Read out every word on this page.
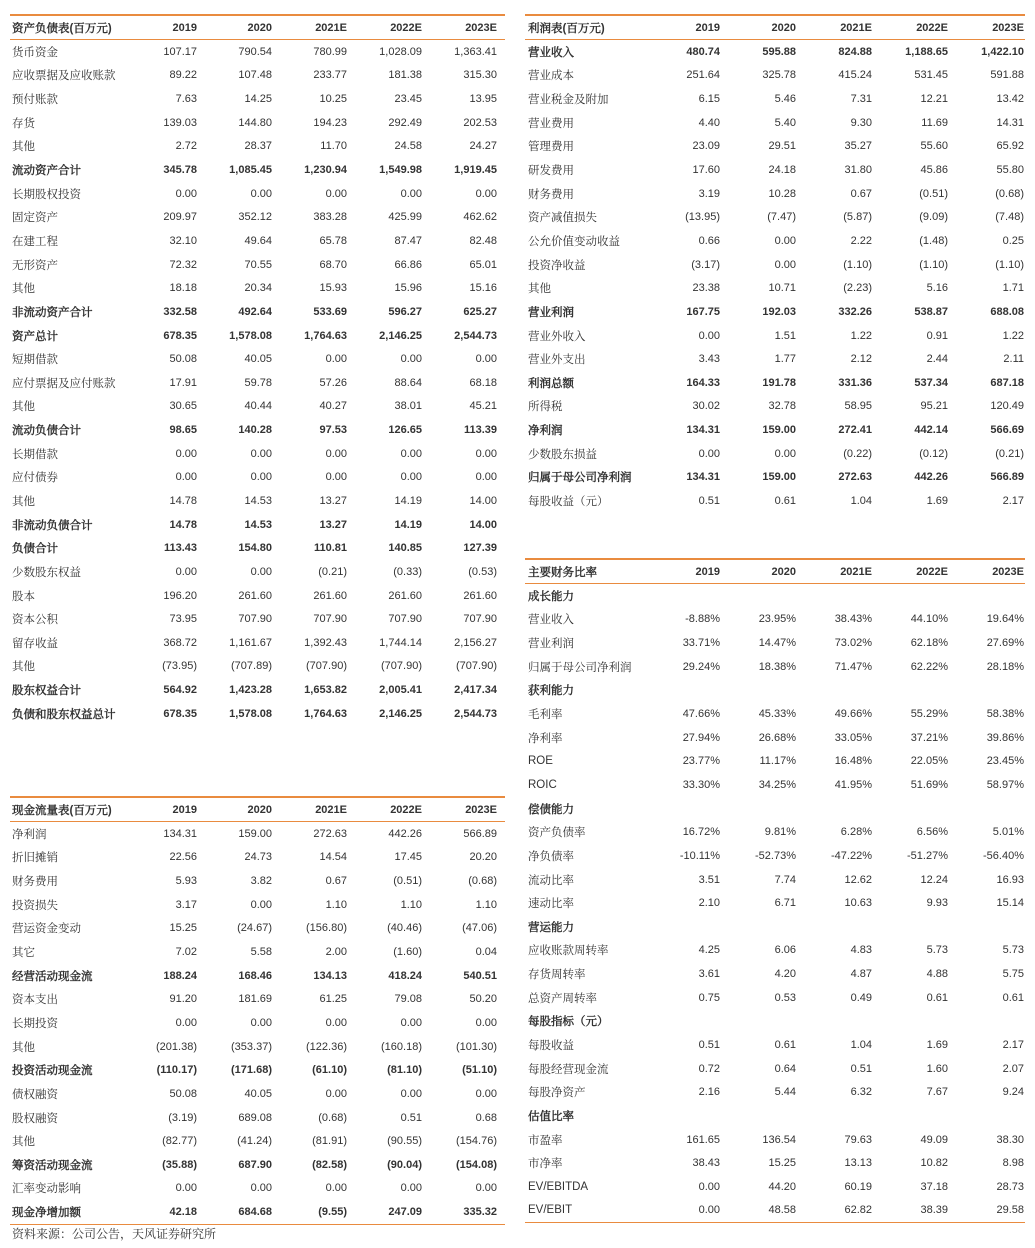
资产负债表(百万元)	2019	2020	2021E	2022E	2023E
货币资金	107.17	790.54	780.99	1,028.09	1,363.41
应收票据及应收账款	89.22	107.48	233.77	181.38	315.30
预付账款	7.63	14.25	10.25	23.45	13.95
存货	139.03	144.80	194.23	292.49	202.53
其他	2.72	28.37	11.70	24.58	24.27
流动资产合计	345.78	1,085.45	1,230.94	1,549.98	1,919.45
长期股权投资	0.00	0.00	0.00	0.00	0.00
固定资产	209.97	352.12	383.28	425.99	462.62
在建工程	32.10	49.64	65.78	87.47	82.48
无形资产	72.32	70.55	68.70	66.86	65.01
其他	18.18	20.34	15.93	15.96	15.16
非流动资产合计	332.58	492.64	533.69	596.27	625.27
资产总计	678.35	1,578.08	1,764.63	2,146.25	2,544.73
短期借款	50.08	40.05	0.00	0.00	0.00
应付票据及应付账款	17.91	59.78	57.26	88.64	68.18
其他	30.65	40.44	40.27	38.01	45.21
流动负债合计	98.65	140.28	97.53	126.65	113.39
长期借款	0.00	0.00	0.00	0.00	0.00
应付债券	0.00	0.00	0.00	0.00	0.00
其他	14.78	14.53	13.27	14.19	14.00
非流动负债合计	14.78	14.53	13.27	14.19	14.00
负债合计	113.43	154.80	110.81	140.85	127.39
少数股东权益	0.00	0.00	(0.21)	(0.33)	(0.53)
股本	196.20	261.60	261.60	261.60	261.60
资本公积	73.95	707.90	707.90	707.90	707.90
留存收益	368.72	1,161.67	1,392.43	1,744.14	2,156.27
其他	(73.95)	(707.89)	(707.90)	(707.90)	(707.90)
股东权益合计	564.92	1,423.28	1,653.82	2,005.41	2,417.34
负债和股东权益总计	678.35	1,578.08	1,764.63	2,146.25	2,544.73
利润表(百万元)	2019	2020	2021E	2022E	2023E
营业收入	480.74	595.88	824.88	1,188.65	1,422.10
营业成本	251.64	325.78	415.24	531.45	591.88
营业税金及附加	6.15	5.46	7.31	12.21	13.42
营业费用	4.40	5.40	9.30	11.69	14.31
管理费用	23.09	29.51	35.27	55.60	65.92
研发费用	17.60	24.18	31.80	45.86	55.80
财务费用	3.19	10.28	0.67	(0.51)	(0.68)
资产减值损失	(13.95)	(7.47)	(5.87)	(9.09)	(7.48)
公允价值变动收益	0.66	0.00	2.22	(1.48)	0.25
投资净收益	(3.17)	0.00	(1.10)	(1.10)	(1.10)
其他	23.38	10.71	(2.23)	5.16	1.71
营业利润	167.75	192.03	332.26	538.87	688.08
营业外收入	0.00	1.51	1.22	0.91	1.22
营业外支出	3.43	1.77	2.12	2.44	2.11
利润总额	164.33	191.78	331.36	537.34	687.18
所得税	30.02	32.78	58.95	95.21	120.49
净利润	134.31	159.00	272.41	442.14	566.69
少数股东损益	0.00	0.00	(0.22)	(0.12)	(0.21)
归属于母公司净利润	134.31	159.00	272.63	442.26	566.89
每股收益（元）	0.51	0.61	1.04	1.69	2.17
主要财务比率	2019	2020	2021E	2022E	2023E
成长能力
营业收入	-8.88%	23.95%	38.43%	44.10%	19.64%
营业利润	33.71%	14.47%	73.02%	62.18%	27.69%
归属于母公司净利润	29.24%	18.38%	71.47%	62.22%	28.18%
获利能力
毛利率	47.66%	45.33%	49.66%	55.29%	58.38%
净利率	27.94%	26.68%	33.05%	37.21%	39.86%
ROE	23.77%	11.17%	16.48%	22.05%	23.45%
ROIC	33.30%	34.25%	41.95%	51.69%	58.97%
偿债能力
资产负债率	16.72%	9.81%	6.28%	6.56%	5.01%
净负债率	-10.11%	-52.73%	-47.22%	-51.27%	-56.40%
流动比率	3.51	7.74	12.62	12.24	16.93
速动比率	2.10	6.71	10.63	9.93	15.14
营运能力
应收账款周转率	4.25	6.06	4.83	5.73	5.73
存货周转率	3.61	4.20	4.87	4.88	5.75
总资产周转率	0.75	0.53	0.49	0.61	0.61
每股指标（元）
每股收益	0.51	0.61	1.04	1.69	2.17
每股经营现金流	0.72	0.64	0.51	1.60	2.07
每股净资产	2.16	5.44	6.32	7.67	9.24
估值比率
市盈率	161.65	136.54	79.63	49.09	38.30
市净率	38.43	15.25	13.13	10.82	8.98
EV/EBITDA	0.00	44.20	60.19	37.18	28.73
EV/EBIT	0.00	48.58	62.82	38.39	29.58
现金流量表(百万元)	2019	2020	2021E	2022E	2023E
净利润	134.31	159.00	272.63	442.26	566.89
折旧摊销	22.56	24.73	14.54	17.45	20.20
财务费用	5.93	3.82	0.67	(0.51)	(0.68)
投资损失	3.17	0.00	1.10	1.10	1.10
营运资金变动	15.25	(24.67)	(156.80)	(40.46)	(47.06)
其它	7.02	5.58	2.00	(1.60)	0.04
经营活动现金流	188.24	168.46	134.13	418.24	540.51
资本支出	91.20	181.69	61.25	79.08	50.20
长期投资	0.00	0.00	0.00	0.00	0.00
其他	(201.38)	(353.37)	(122.36)	(160.18)	(101.30)
投资活动现金流	(110.17)	(171.68)	(61.10)	(81.10)	(51.10)
债权融资	50.08	40.05	0.00	0.00	0.00
股权融资	(3.19)	689.08	(0.68)	0.51	0.68
其他	(82.77)	(41.24)	(81.91)	(90.55)	(154.76)
筹资活动现金流	(35.88)	687.90	(82.58)	(90.04)	(154.08)
汇率变动影响	0.00	0.00	0.00	0.00	0.00
现金净增加额	42.18	684.68	(9.55)	247.09	335.32
资料来源：公司公告，天风证券研究所
